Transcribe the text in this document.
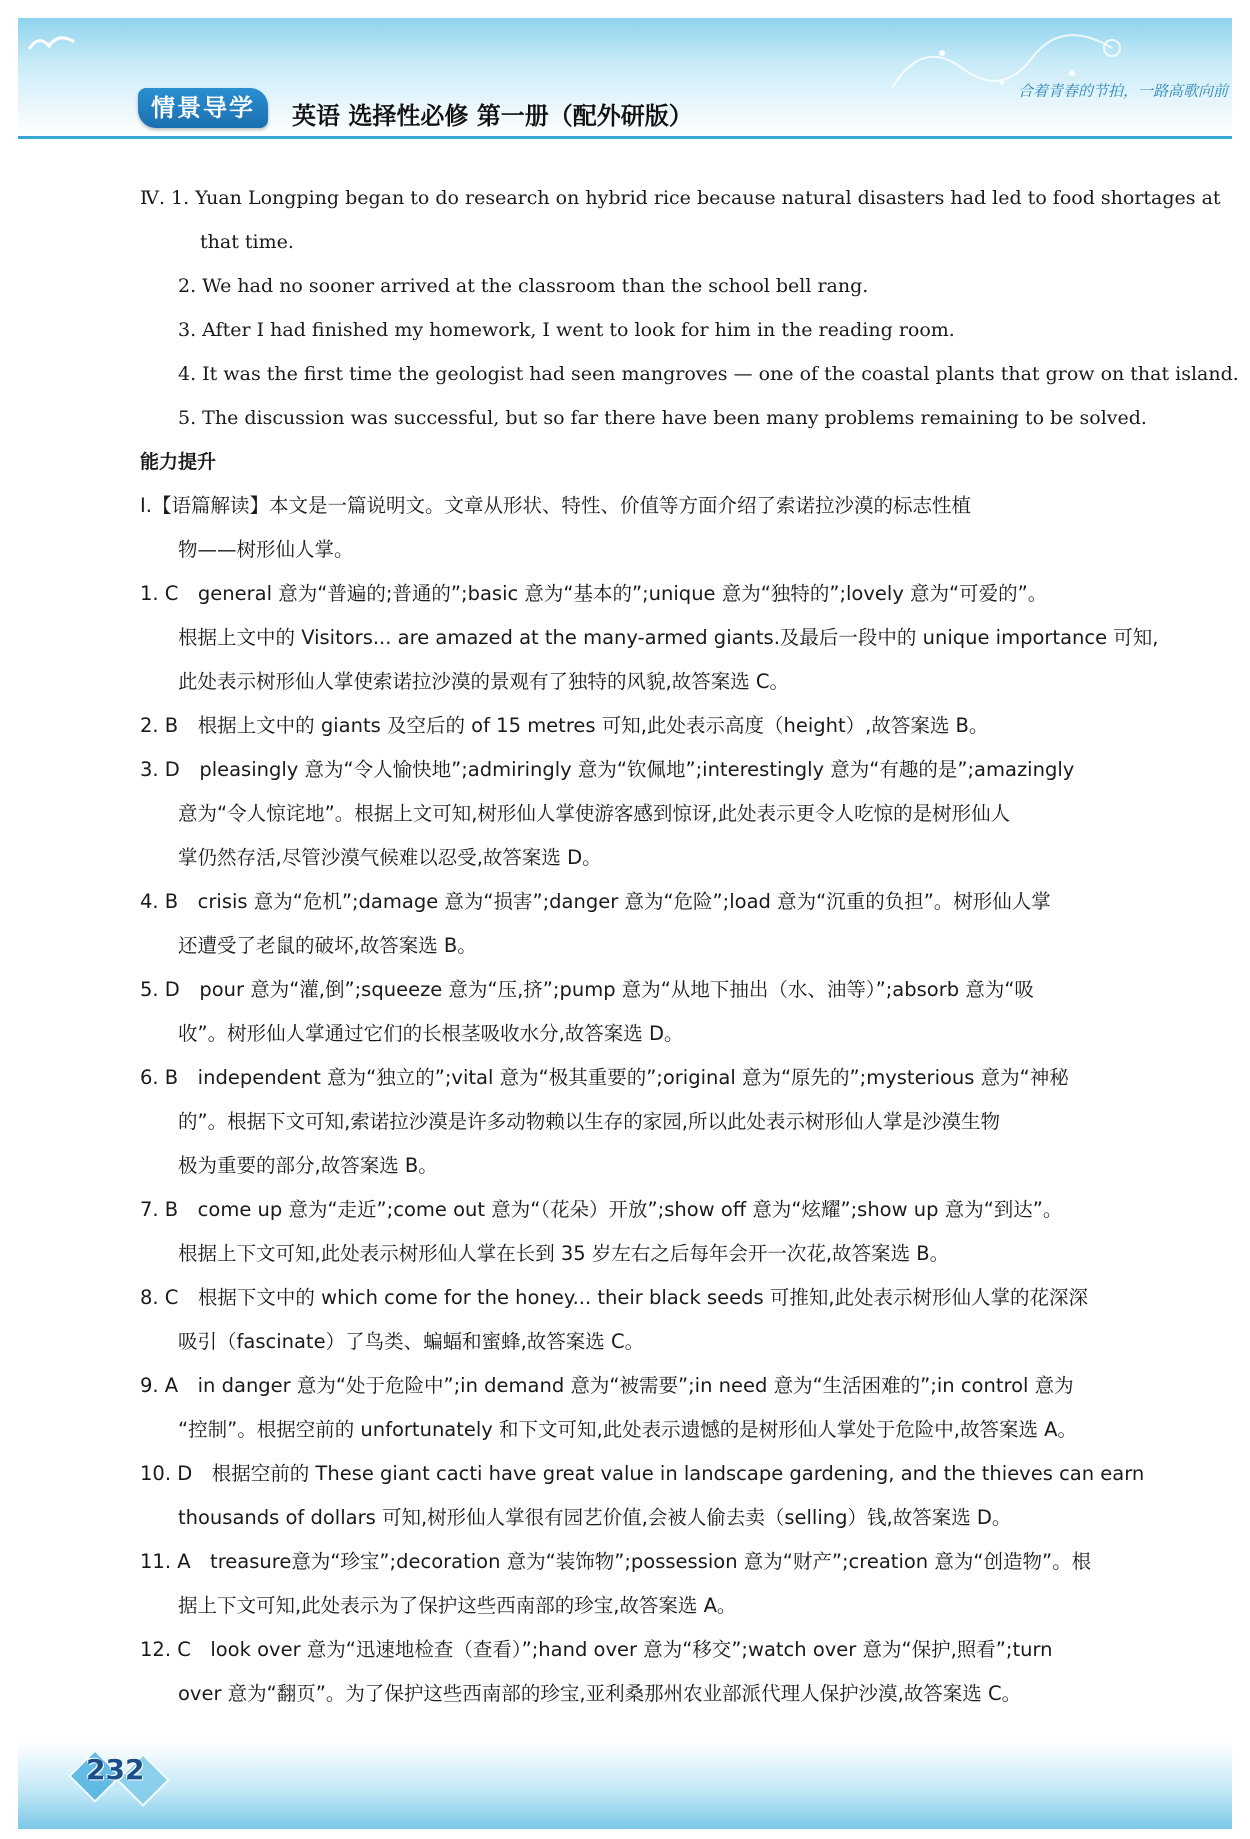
情景导学	英语 选择性必修 第一册（配外研版）
合着青春的节拍，一路高歌向前
Ⅳ. 1. Yuan Longping began to do research on hybrid rice because natural disasters had led to food shortages at
that time.
2. We had no sooner arrived at the classroom than the school bell rang.
3. After I had finished my homework, I went to look for him in the reading room.
4. It was the first time the geologist had seen mangroves — one of the coastal plants that grow on that island.
5. The discussion was successful, but so far there have been many problems remaining to be solved.
能力提升
Ⅰ.【语篇解读】本文是一篇说明文。文章从形状、特性、价值等方面介绍了索诺拉沙漠的标志性植
物——树形仙人掌。
1. C　general 意为“普遍的;普通的”;basic 意为“基本的”;unique 意为“独特的”;lovely 意为“可爱的”。
根据上文中的 Visitors... are amazed at the many-armed giants.及最后一段中的 unique importance 可知,
此处表示树形仙人掌使索诺拉沙漠的景观有了独特的风貌,故答案选 C。
2. B　根据上文中的 giants 及空后的 of 15 metres 可知,此处表示高度（height）,故答案选 B。
3. D　pleasingly 意为“令人愉快地”;admiringly 意为“钦佩地”;interestingly 意为“有趣的是”;amazingly
意为“令人惊诧地”。根据上文可知,树形仙人掌使游客感到惊讶,此处表示更令人吃惊的是树形仙人
掌仍然存活,尽管沙漠气候难以忍受,故答案选 D。
4. B　crisis 意为“危机”;damage 意为“损害”;danger 意为“危险”;load 意为“沉重的负担”。树形仙人掌
还遭受了老鼠的破坏,故答案选 B。
5. D　pour 意为“灌,倒”;squeeze 意为“压,挤”;pump 意为“从地下抽出（水、油等）”;absorb 意为“吸
收”。树形仙人掌通过它们的长根茎吸收水分,故答案选 D。
6. B　independent 意为“独立的”;vital 意为“极其重要的”;original 意为“原先的”;mysterious 意为“神秘
的”。根据下文可知,索诺拉沙漠是许多动物赖以生存的家园,所以此处表示树形仙人掌是沙漠生物
极为重要的部分,故答案选 B。
7. B　come up 意为“走近”;come out 意为“（花朵）开放”;show off 意为“炫耀”;show up 意为“到达”。
根据上下文可知,此处表示树形仙人掌在长到 35 岁左右之后每年会开一次花,故答案选 B。
8. C　根据下文中的 which come for the honey... their black seeds 可推知,此处表示树形仙人掌的花深深
吸引（fascinate）了鸟类、蝙蝠和蜜蜂,故答案选 C。
9. A　in danger 意为“处于危险中”;in demand 意为“被需要”;in need 意为“生活困难的”;in control 意为
“控制”。根据空前的 unfortunately 和下文可知,此处表示遗憾的是树形仙人掌处于危险中,故答案选 A。
10. D　根据空前的 These giant cacti have great value in landscape gardening, and the thieves can earn
thousands of dollars 可知,树形仙人掌很有园艺价值,会被人偷去卖（selling）钱,故答案选 D。
11. A　treasure意为“珍宝”;decoration 意为“装饰物”;possession 意为“财产”;creation 意为“创造物”。根
据上下文可知,此处表示为了保护这些西南部的珍宝,故答案选 A。
12. C　look over 意为“迅速地检查（查看）”;hand over 意为“移交”;watch over 意为“保护,照看”;turn
over 意为“翻页”。为了保护这些西南部的珍宝,亚利桑那州农业部派代理人保护沙漠,故答案选 C。
232
